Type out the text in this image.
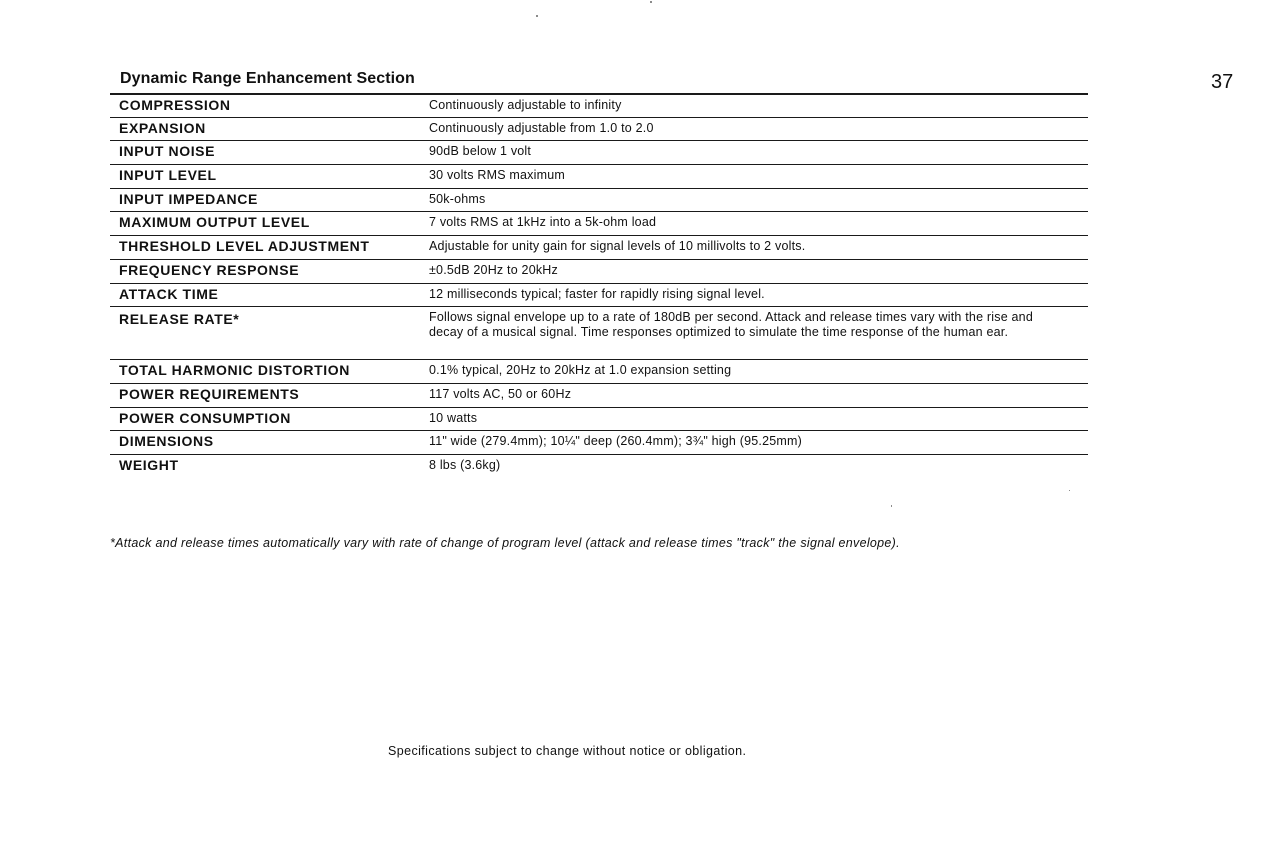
Dynamic Range Enhancement Section	37
COMPRESSION	Continuously adjustable to infinity
EXPANSION	Continuously adjustable from 1.0 to 2.0
INPUT NOISE	90dB below 1 volt
INPUT LEVEL	30 volts RMS maximum
INPUT IMPEDANCE	50k-ohms
MAXIMUM OUTPUT LEVEL	7 volts RMS at 1kHz into a 5k-ohm load
THRESHOLD LEVEL ADJUSTMENT	Adjustable for unity gain for signal levels of 10 millivolts to 2 volts.
FREQUENCY RESPONSE	±0.5dB 20Hz to 20kHz
ATTACK TIME	12 milliseconds typical; faster for rapidly rising signal level.
RELEASE RATE*	Follows signal envelope up to a rate of 180dB per second. Attack and release times vary with the rise and decay of a musical signal. Time responses optimized to simulate the time response of the human ear.
TOTAL HARMONIC DISTORTION	0.1% typical, 20Hz to 20kHz at 1.0 expansion setting
POWER REQUIREMENTS	117 volts AC, 50 or 60Hz
POWER CONSUMPTION	10 watts
DIMENSIONS	11" wide (279.4mm); 10¼" deep (260.4mm); 3¾" high (95.25mm)
WEIGHT	8 lbs (3.6kg)
*Attack and release times automatically vary with rate of change of program level (attack and release times "track" the signal envelope).
Specifications subject to change without notice or obligation.
